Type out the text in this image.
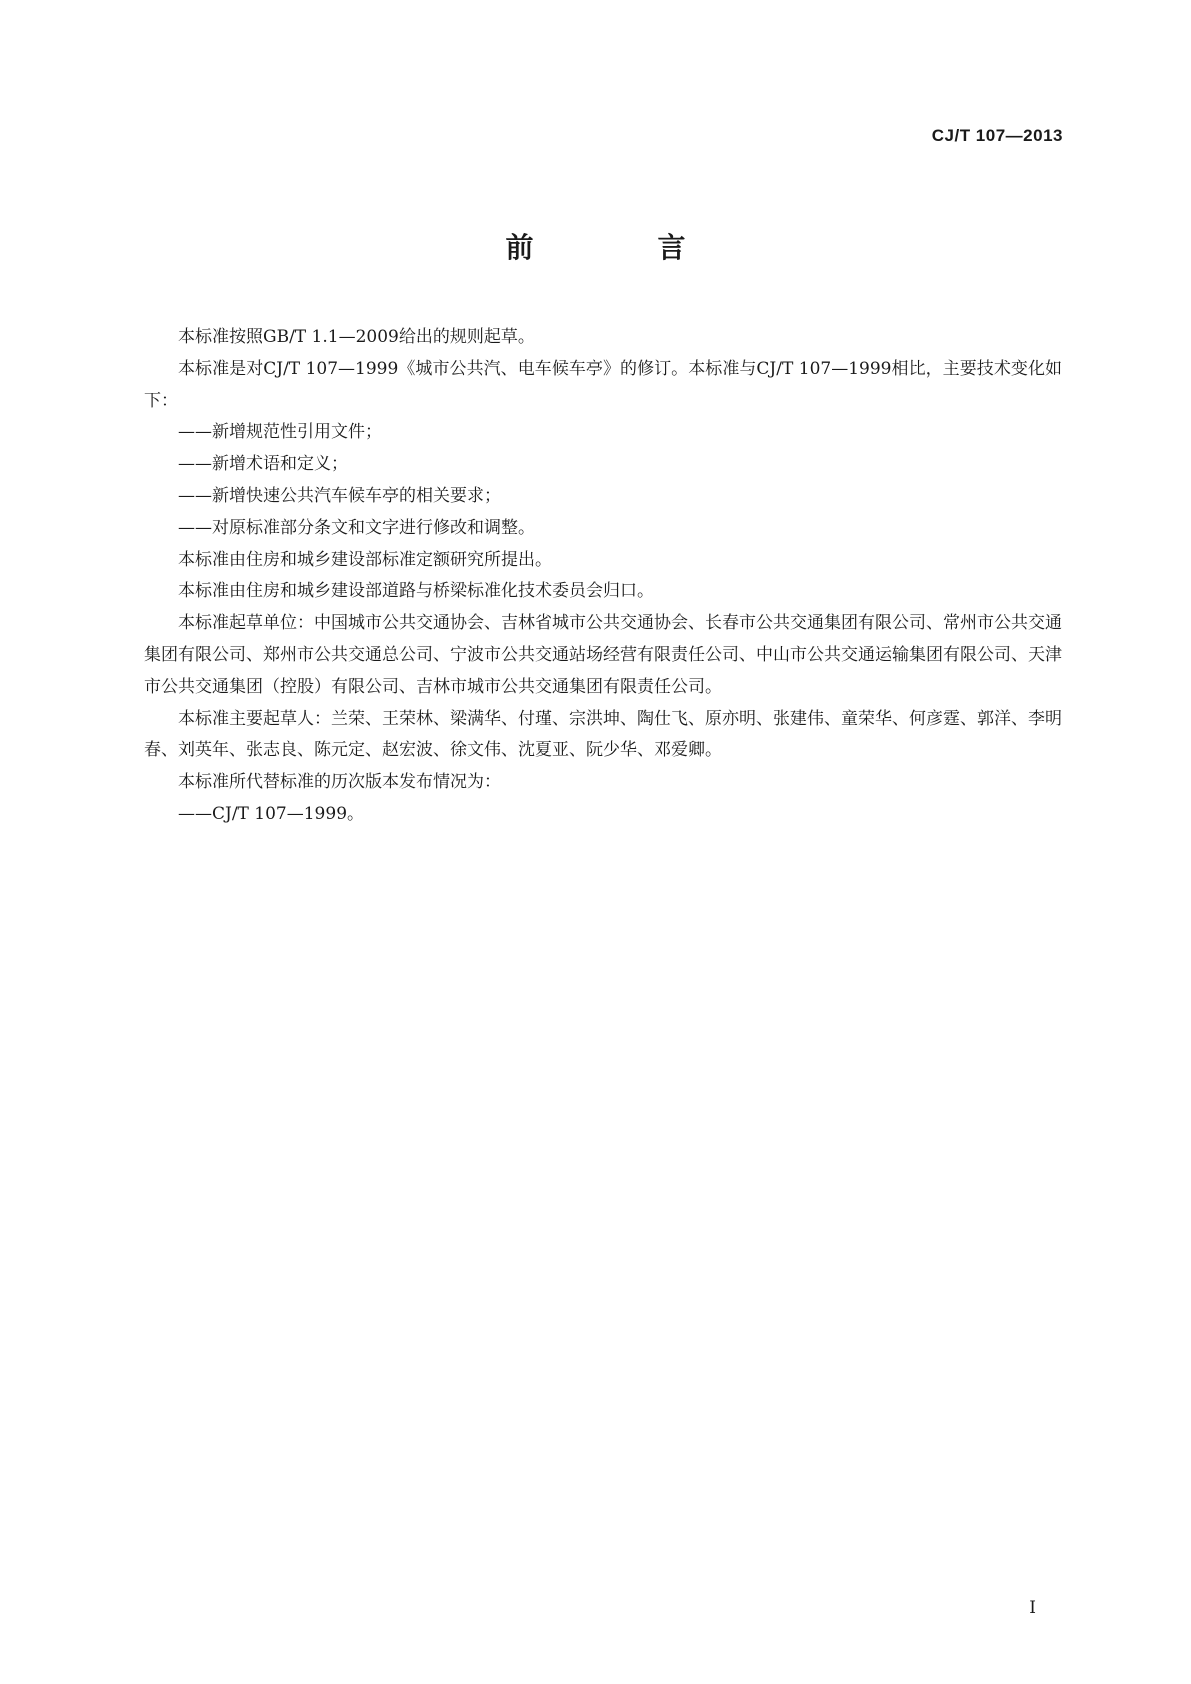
CJ/T 107—2013
前　言

本标准按照GB/T 1.1—2009给出的规则起草。

本标准是对CJ/T 107—1999《城市公共汽、电车候车亭》的修订。本标准与CJ/T 107—1999相比，主要技术变化如下：

——新增规范性引用文件；

——新增术语和定义；

——新增快速公共汽车候车亭的相关要求；

——对原标准部分条文和文字进行修改和调整。

本标准由住房和城乡建设部标准定额研究所提出。

本标准由住房和城乡建设部道路与桥梁标准化技术委员会归口。

本标准起草单位：中国城市公共交通协会、吉林省城市公共交通协会、长春市公共交通集团有限公司、常州市公共交通集团有限公司、郑州市公共交通总公司、宁波市公共交通站场经营有限责任公司、中山市公共交通运输集团有限公司、天津市公共交通集团（控股）有限公司、吉林市城市公共交通集团有限责任公司。

本标准主要起草人：兰荣、王荣林、梁满华、付瑾、宗洪坤、陶仕飞、原亦明、张建伟、童荣华、何彦霆、郭洋、李明春、刘英年、张志良、陈元定、赵宏波、徐文伟、沈夏亚、阮少华、邓爱卿。

本标准所代替标准的历次版本发布情况为：

——CJ/T 107—1999。

I
